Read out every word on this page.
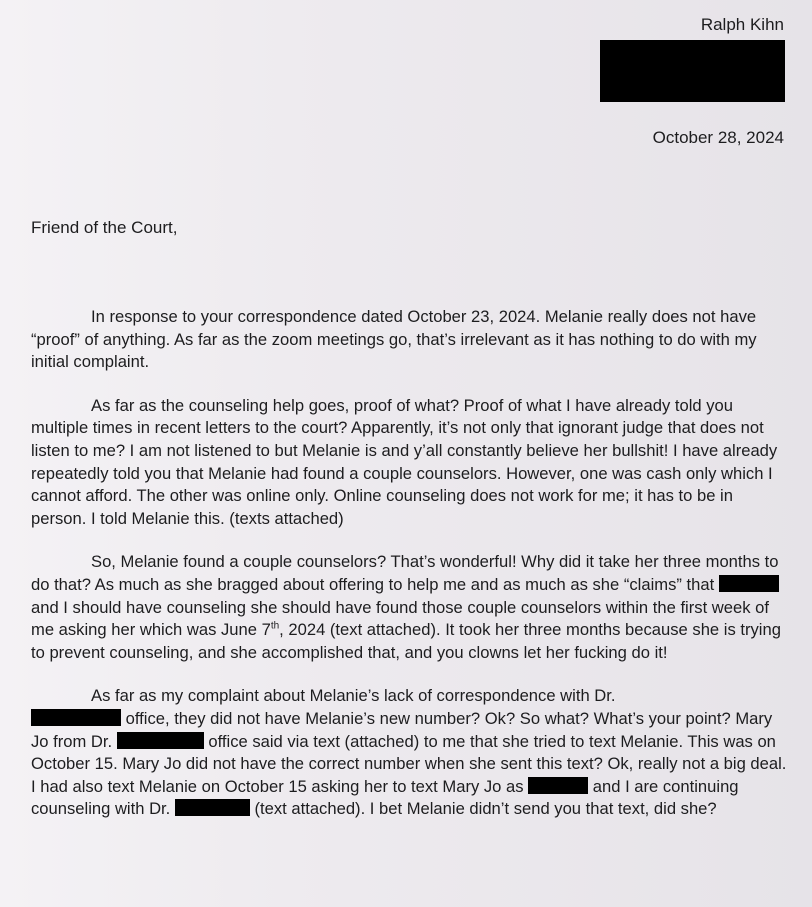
Ralph Kihn
October 28, 2024
Friend of the Court,

In response to your correspondence dated October 23, 2024. Melanie really does not have “proof” of anything. As far as the zoom meetings go, that’s irrelevant as it has nothing to do with my initial complaint.

As far as the counseling help goes, proof of what? Proof of what I have already told you multiple times in recent letters to the court? Apparently, it’s not only that ignorant judge that does not listen to me? I am not listened to but Melanie is and y’all constantly believe her bullshit! I have already repeatedly told you that Melanie had found a couple counselors. However, one was cash only which I cannot afford. The other was online only. Online counseling does not work for me; it has to be in person. I told Melanie this. (texts attached)

So, Melanie found a couple counselors? That’s wonderful! Why did it take her three months to do that? As much as she bragged about offering to help me and as much as she “claims” that  and I should have counseling she should have found those couple counselors within the first week of me asking her which was June 7th, 2024 (text attached). It took her three months because she is trying to prevent counseling, and she accomplished that, and you clowns let her fucking do it!

As far as my complaint about Melanie’s lack of correspondence with Dr.
office, they did not have Melanie’s new number? Ok? So what? What’s your point? Mary Jo from Dr.	office said via text (attached) to me that she tried to text Melanie. This was on October 15. Mary Jo did not have the correct number when she sent this text? Ok, really not a big deal. I had also text Melanie on October 15 asking her to text Mary Jo as	and I are continuing counseling with Dr.	(text attached). I bet Melanie didn’t send you that text, did she?
